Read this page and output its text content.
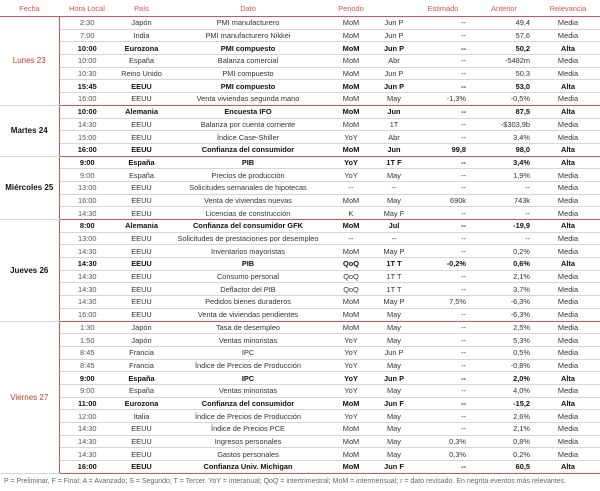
Fecha	Hora Local	País	Dato	Periodo		Estimado	Anterior	Relevancia
Lunes 23	2:30	Japón	PMI manufacturero	MoM	Jun P	--	49,4	Media
	7:00	India	PMI manufacturero Nikkei	MoM	Jun P	--	57,6	Media
	10:00	Eurozona	PMI compuesto	MoM	Jun P	--	50,2	Alta
	10:00	España	Balanza comercial	MoM	Abr	--	-5482m	Media
	10:30	Reino Unido	PMI compuesto	MoM	Jun P	--	50,3	Media
	15:45	EEUU	PMI compuesto	MoM	Jun P	--	53,0	Alta
	16:00	EEUU	Venta viviendas segunda mano	MoM	May	-1,3%	-0,5%	Media
Martes 24	10:00	Alemania	Encuesta IFO	MoM	Jun	--	87,5	Alta
	14:30	EEUU	Balanza por cuenta corriente	MoM	1T	--	-$303,9b	Media
	15:00	EEUU	Índice Case-Shiller	YoY	Abr	--	3,4%	Media
	16:00	EEUU	Confianza del consumidor	MoM	Jun	99,8	98,0	Alta
Miércoles 25	9:00	España	PIB	YoY	1T F	--	3,4%	Alta
	9:00	España	Precios de producción	YoY	May	--	1,9%	Media
	13:00	EEUU	Solicitudes semanales de hipotecas	--	--	--	--	Media
	16:00	EEUU	Venta de viviendas nuevas	MoM	May	690k	743k	Media
	14:30	EEUU	Licencias de construcción	K	May F	--	--	Media
Jueves 26	8:00	Alemania	Confianza del consumidor GFK	MoM	Jul	--	-19,9	Alta
	13:00	EEUU	Solicitudes de prestaciones por desempleo	--	--	--	--	Media
	14:30	EEUU	Inventarios mayoristas	MoM	May P	--	0,2%	Media
	14:30	EEUU	PIB	QoQ	1T T	-0,2%	0,6%	Alta
	14:30	EEUU	Consumo personal	QoQ	1T T	--	2,1%	Media
	14:30	EEUU	Deflactor del PIB	QoQ	1T T	--	3,7%	Media
	14:30	EEUU	Pedidos bienes duraderos	MoM	May P	7,5%	-6,3%	Media
	16:00	EEUU	Venta de viviendas pendientes	MoM	May	--	-6,3%	Media
Viernes 27	1:30	Japón	Tasa de desempleo	MoM	May	--	2,5%	Media
	1:50	Japón	Ventas minoristas	YoY	May	--	5,3%	Media
	8:45	Francia	IPC	YoY	Jun P	--	0,5%	Media
	8:45	Francia	Índice de Precios de Producción	YoY	May	--	-0,8%	Media
	9:00	España	IPC	YoY	Jun P	--	2,0%	Alta
	9:00	España	Ventas minoristas	YoY	May	--	4,0%	Media
	11:00	Eurozona	Confianza del consumidor	MoM	Jun F	--	-15,2	Alta
	12:00	Italia	Índice de Precios de Producción	YoY	May	--	2,6%	Media
	14:30	EEUU	Índice de Precios PCE	MoM	May	--	2,1%	Media
	14:30	EEUU	Ingresos personales	MoM	May	0,3%	0,8%	Media
	14:30	EEUU	Gastos personales	MoM	May	0,3%	0,2%	Media
	16:00	EEUU	Confianza Univ. Michigan	MoM	Jun F	--	60,5	Alta
P = Preliminar, F = Final; A = Avanzado; S = Segundo; T = Tercer. YoY = interanual; QoQ = intertrimestral; MoM = intermensual; r = dato revisado. En negrita eventos más relevantes.
